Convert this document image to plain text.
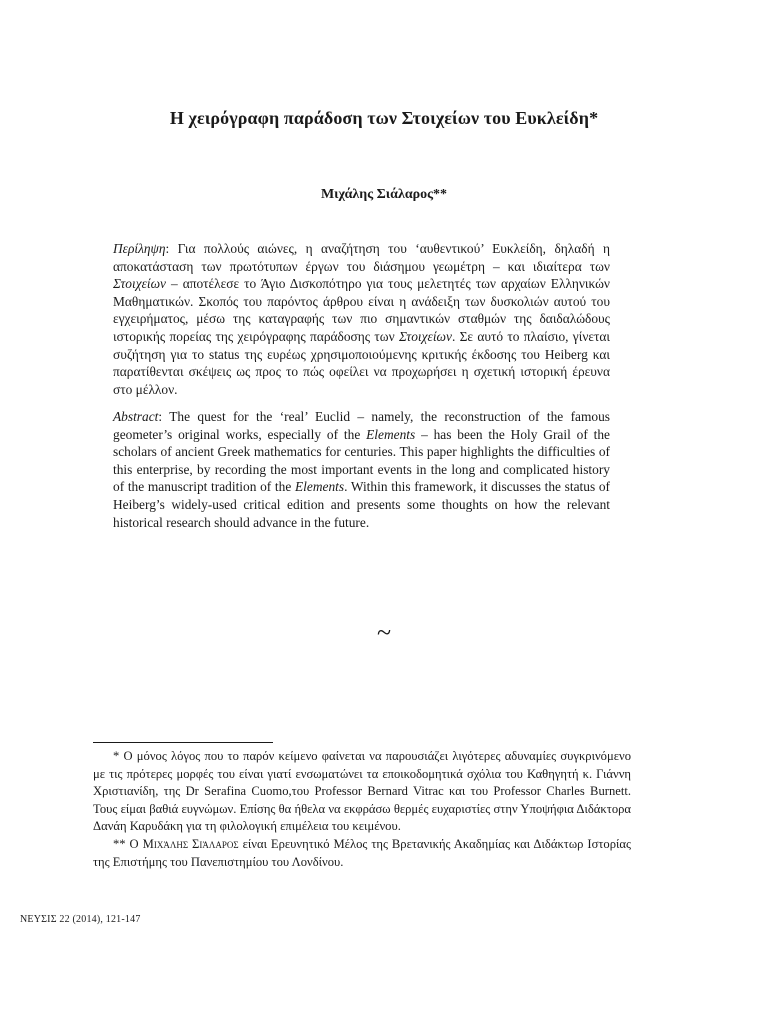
Η χειρόγραφη παράδοση των Στοιχείων του Ευκλείδη*
Μιχάλης Σιάλαρος**
Περίληψη: Για πολλούς αιώνες, η αναζήτηση του ‘αυθεντικού’ Ευκλείδη, δηλαδή η αποκατάσταση των πρωτότυπων έργων του διάσημου γεωμέτρη – και ιδιαίτερα των Στοιχείων – αποτέλεσε το Άγιο Δισκοπότηρο για τους μελετητές των αρχαίων Ελληνικών Μαθηματικών. Σκοπός του παρόντος άρθρου είναι η ανάδειξη των δυσκολιών αυτού του εγχειρήματος, μέσω της καταγραφής των πιο σημαντικών σταθμών της δαιδαλώδους ιστορικής πορείας της χειρόγραφης παράδοσης των Στοιχείων. Σε αυτό το πλαίσιο, γίνεται συζήτηση για το status της ευρέως χρησιμοποιούμενης κριτικής έκδοσης του Heiberg και παρατίθενται σκέψεις ως προς το πώς οφείλει να προχωρήσει η σχετική ιστορική έρευνα στο μέλλον.
Abstract: The quest for the ‘real’ Euclid – namely, the reconstruction of the famous geometer’s original works, especially of the Elements – has been the Holy Grail of the scholars of ancient Greek mathematics for centuries. This paper highlights the difficulties of this enterprise, by recording the most important events in the long and complicated history of the manuscript tradition of the Elements. Within this framework, it discusses the status of Heiberg’s widely-used critical edition and presents some thoughts on how the relevant historical research should advance in the future.
~

* Ο μόνος λόγος που το παρόν κείμενο φαίνεται να παρουσιάζει λιγότερες αδυναμίες συγκρινόμενο με τις πρότερες μορφές του είναι γιατί ενσωματώνει τα εποικοδομητικά σχόλια του Καθηγητή κ. Γιάννη Χριστιανίδη, της Dr Serafina Cuomo,του Professor Bernard Vitrac και του Professor Charles Burnett. Τους είμαι βαθιά ευγνώμων. Επίσης θα ήθελα να εκφράσω θερμές ευχαριστίες στην Υποψήφια Διδάκτορα Δανάη Καρυδάκη για τη φιλολογική επιμέλεια του κειμένου.

** Ο Μιχάλης Σιάλαρος είναι Ερευνητικό Μέλος της Βρετανικής Ακαδημίας και Διδάκτωρ Ιστορίας της Επιστήμης του Πανεπιστημίου του Λονδίνου.

ΝΕΥΣΙΣ 22 (2014), 121-147
